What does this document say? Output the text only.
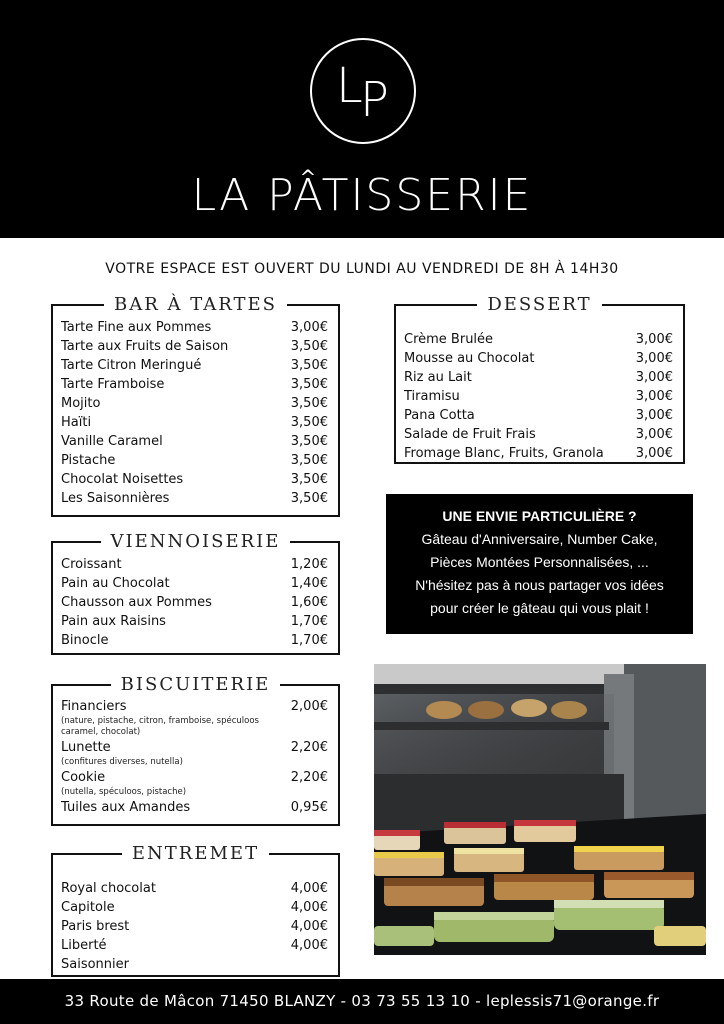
L
P
LA PÂTISSERIE
VOTRE ESPACE EST OUVERT DU LUNDI AU VENDREDI DE 8H À 14H30
BAR À TARTES
Tarte Fine aux Pommes	3,00€
Tarte aux Fruits de Saison	3,50€
Tarte Citron Meringué	3,50€
Tarte Framboise	3,50€
Mojito	3,50€
Haïti	3,50€
Vanille Caramel	3,50€
Pistache	3,50€
Chocolat Noisettes	3,50€
Les Saisonnières	3,50€
DESSERT
Crème Brulée	3,00€
Mousse au Chocolat	3,00€
Riz au Lait	3,00€
Tiramisu	3,00€
Pana Cotta	3,00€
Salade de Fruit Frais	3,00€
Fromage Blanc, Fruits, Granola 3,00€
VIENNOISERIE
Croissant	1,20€
Pain au Chocolat	1,40€
Chausson aux Pommes	1,60€
Pain aux Raisins	1,70€
Binocle	1,70€
BISCUITERIE
Financiers	2,00€
(nature, pistache, citron, framboise, spéculoos caramel, chocolat)
Lunette	2,20€
(confitures diverses, nutella)
Cookie	2,20€
(nutella, spéculoos, pistache)
Tuiles aux Amandes	0,95€
ENTREMET
Royal chocolat	4,00€
Capitole	4,00€
Paris brest	4,00€
Liberté	4,00€
Saisonnier
UNE ENVIE PARTICULIÈRE ?
Gâteau d'Anniversaire, Number Cake,
Pièces Montées Personnalisées, ...
N'hésitez pas à nous partager vos idées
pour créer le gâteau qui vous plait !
33 Route de Mâcon 71450 BLANZY - 03 73 55 13 10 - leplessis71@orange.fr
